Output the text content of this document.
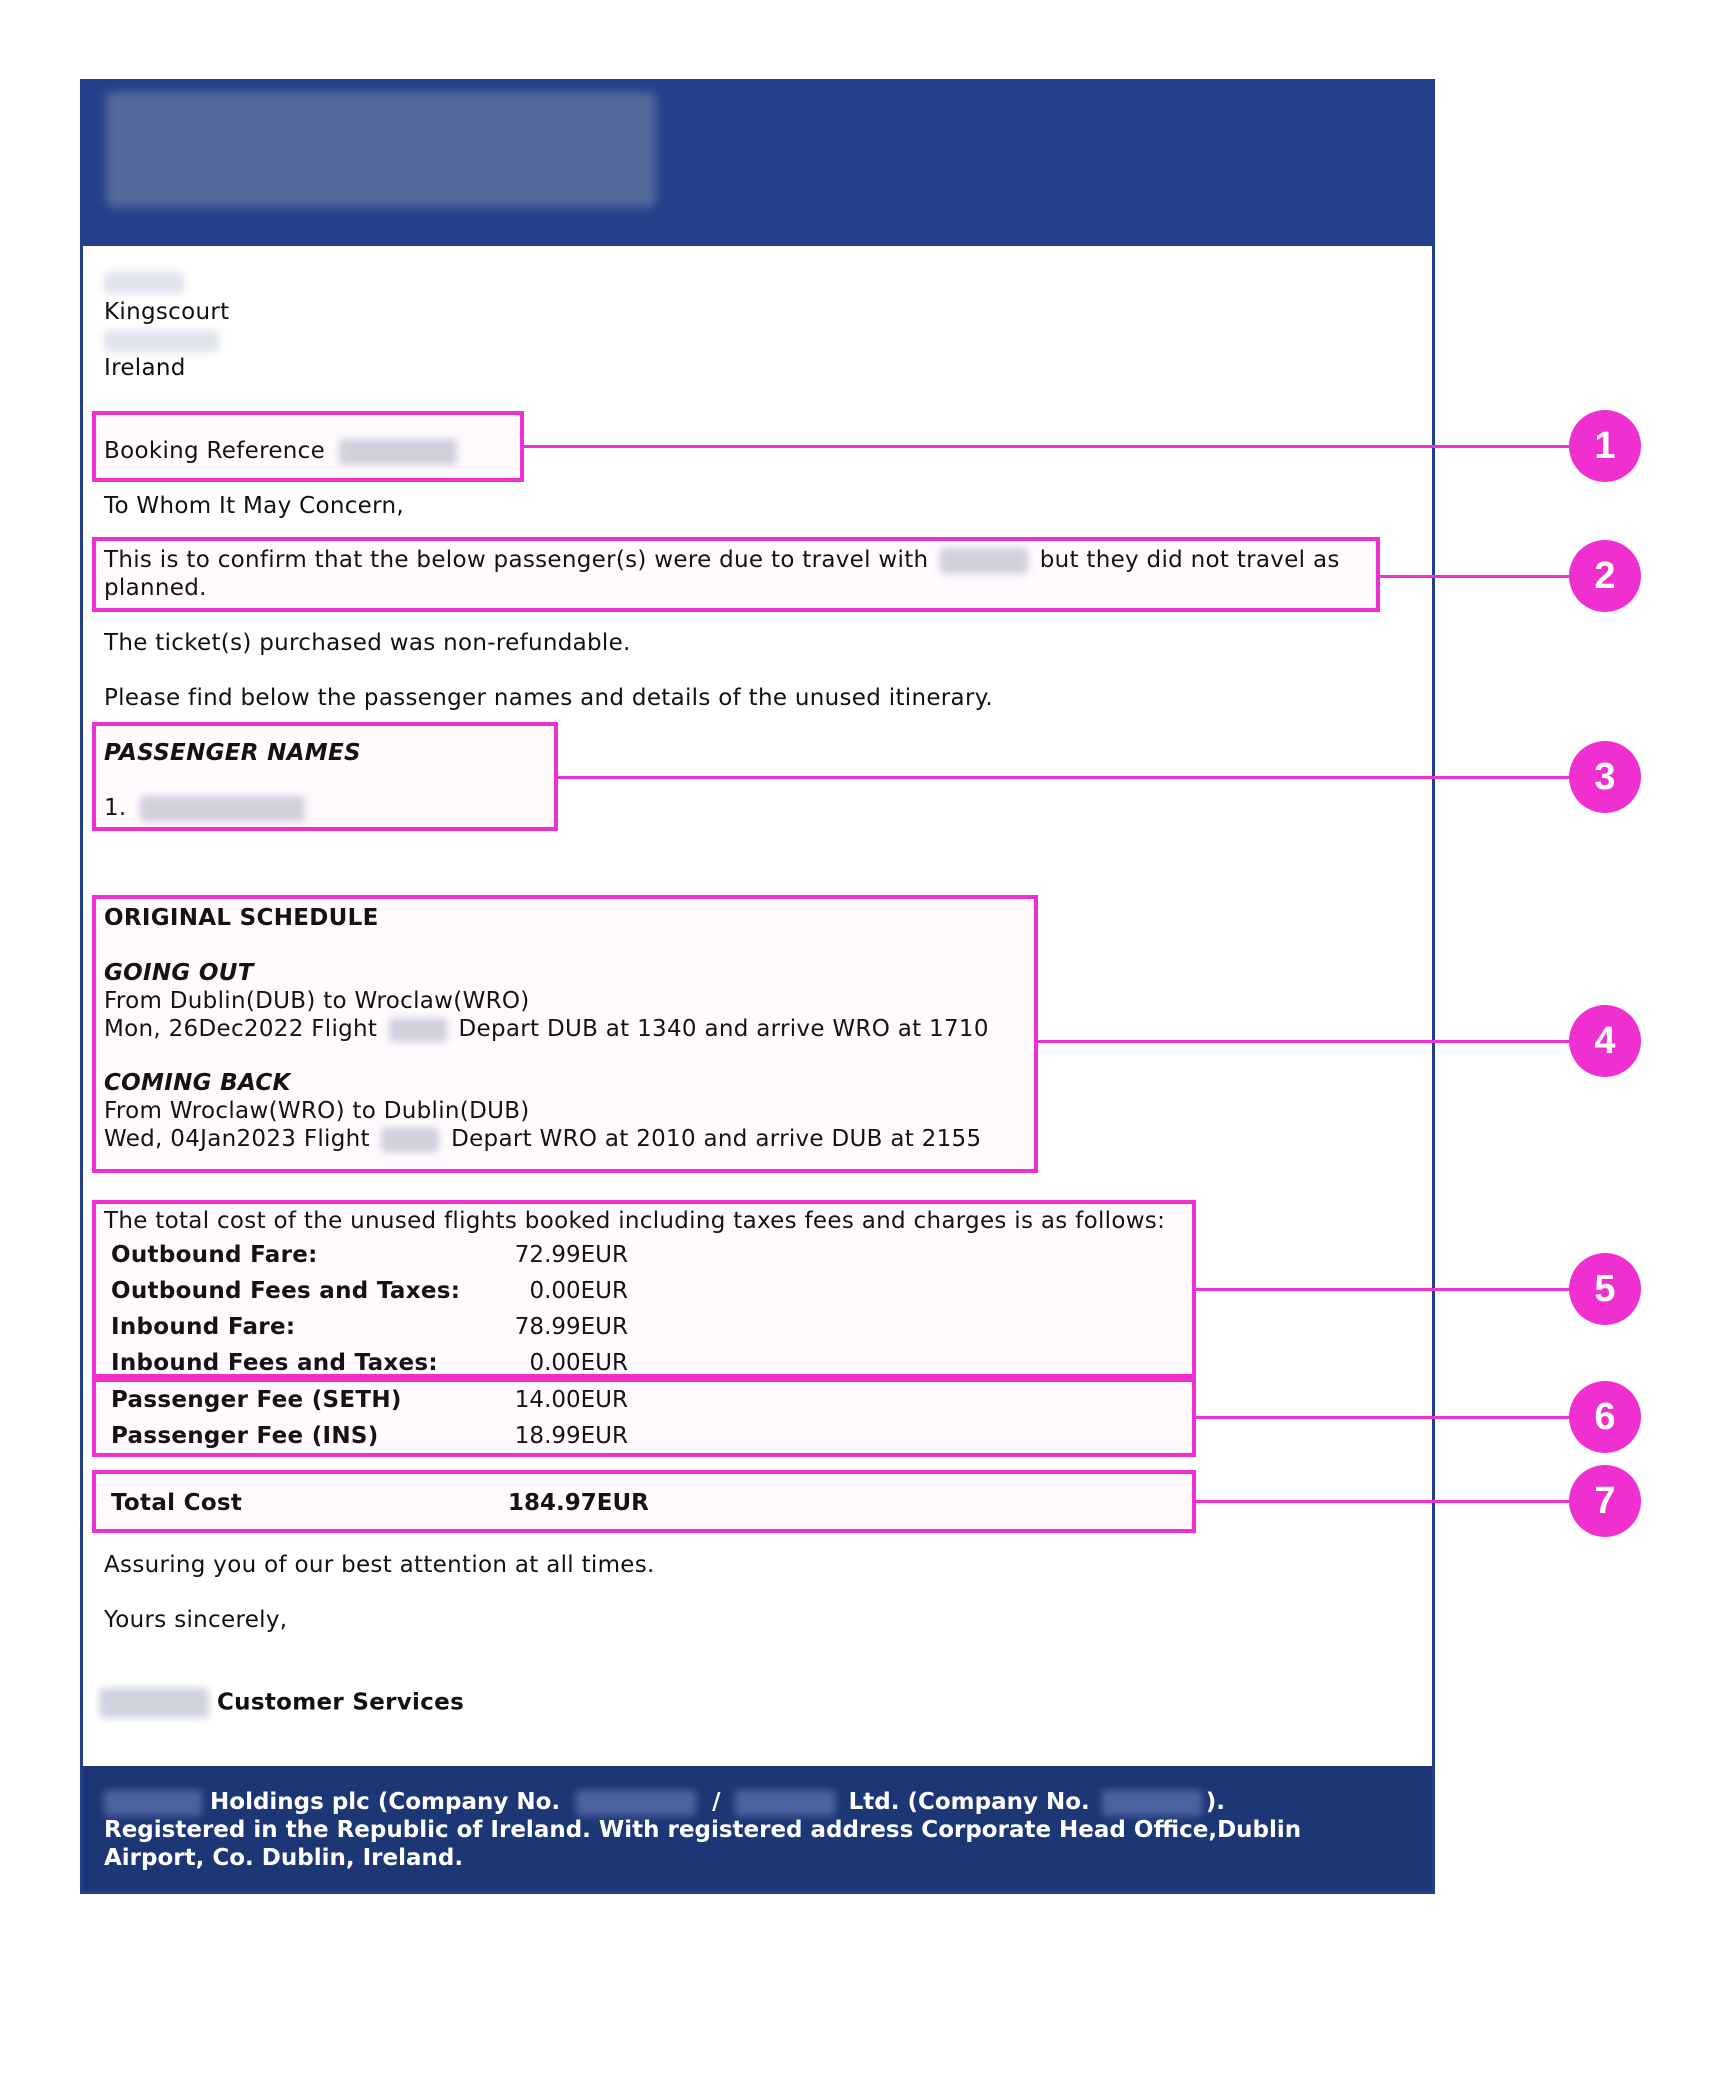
Kingscourt
Ireland
Booking Reference
To Whom It May Concern,
This is to confirm that the below passenger(s) were due to travel with	but they did not travel as
planned.
The ticket(s) purchased was non-refundable.
Please find below the passenger names and details of the unused itinerary.
PASSENGER NAMES
1.
ORIGINAL SCHEDULE
GOING OUT
From Dublin(DUB) to Wroclaw(WRO)
Mon, 26Dec2022 Flight	Depart DUB at 1340 and arrive WRO at 1710
COMING BACK
From Wroclaw(WRO) to Dublin(DUB)
Wed, 04Jan2023 Flight	Depart WRO at 2010 and arrive DUB at 2155
The total cost of the unused flights booked including taxes fees and charges is as follows:
Outbound Fare:	72.99EUR
Outbound Fees and Taxes:	0.00EUR
Inbound Fare:	78.99EUR
Inbound Fees and Taxes:	0.00EUR
Passenger Fee (SETH)	14.00EUR
Passenger Fee (INS)	18.99EUR
Total Cost	184.97EUR
Assuring you of our best attention at all times.
Yours sincerely,
Customer Services
Holdings plc (Company No.	/	Ltd. (Company No.	).
Registered in the Republic of Ireland. With registered address Corporate Head Office,Dublin
Airport, Co. Dublin, Ireland.
1
2
3
4
5
6
7
